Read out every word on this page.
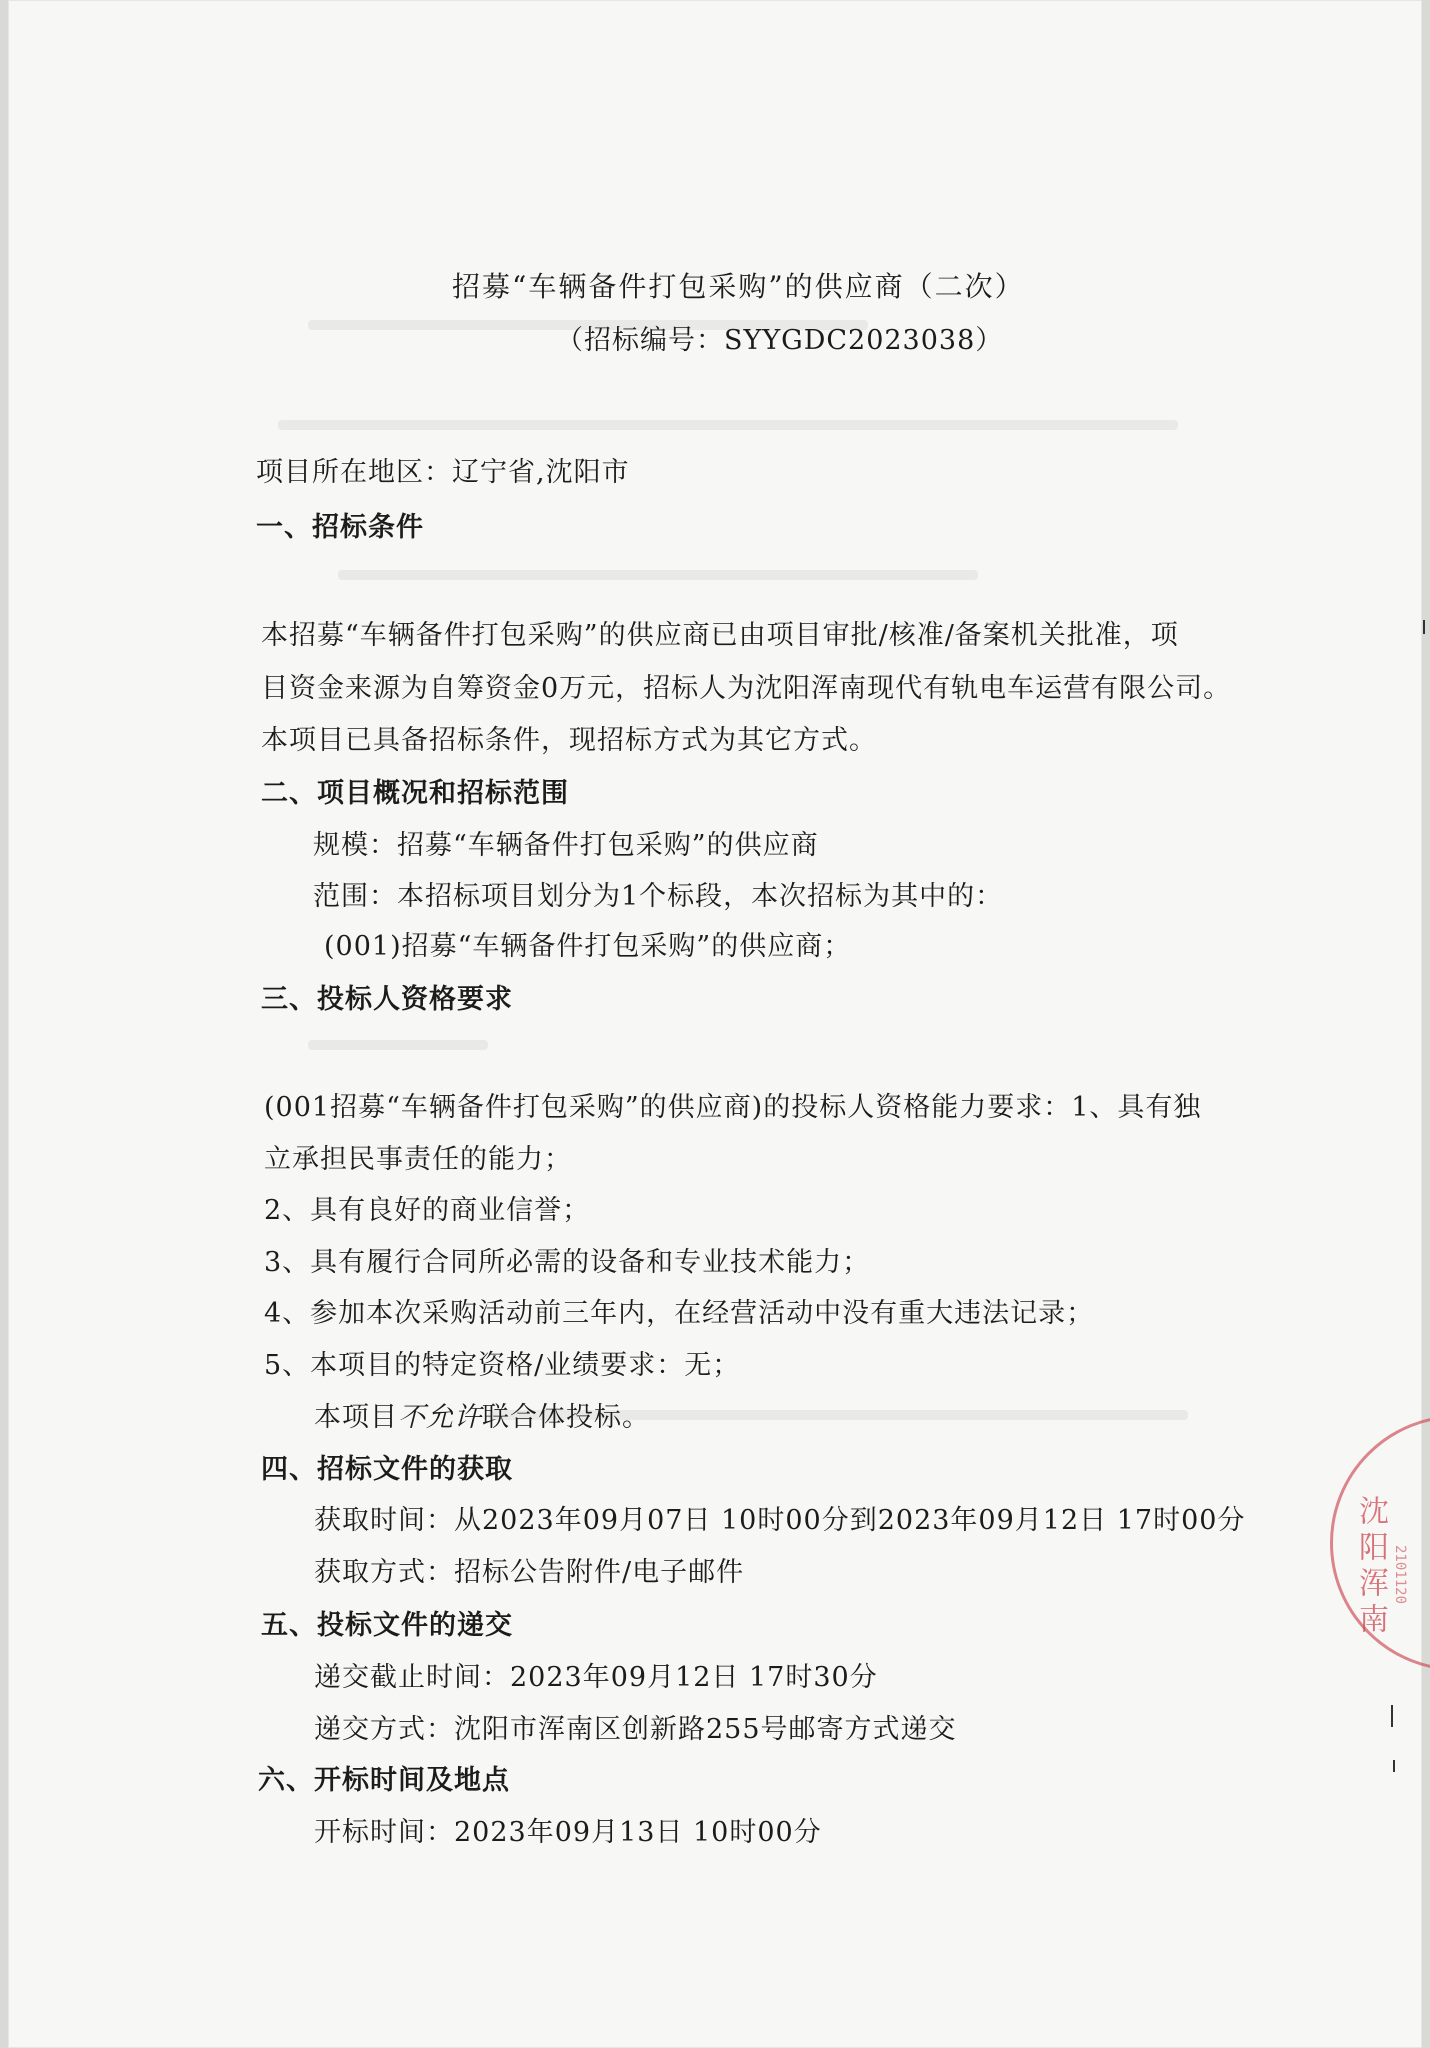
招募“车辆备件打包采购”的供应商（二次）
（招标编号：SYYGDC2023038）
项目所在地区：辽宁省,沈阳市
一、招标条件
本招募“车辆备件打包采购”的供应商已由项目审批/核准/备案机关批准，项
目资金来源为自筹资金0万元，招标人为沈阳浑南现代有轨电车运营有限公司。
本项目已具备招标条件，现招标方式为其它方式。
二、项目概况和招标范围
规模：招募“车辆备件打包采购”的供应商
范围：本招标项目划分为1个标段，本次招标为其中的：
(001)招募“车辆备件打包采购”的供应商；
三、投标人资格要求
(001招募“车辆备件打包采购”的供应商)的投标人资格能力要求：1、具有独
立承担民事责任的能力；
2、具有良好的商业信誉；
3、具有履行合同所必需的设备和专业技术能力；
4、参加本次采购活动前三年内，在经营活动中没有重大违法记录；
5、本项目的特定资格/业绩要求：无；
本项目不允许联合体投标。
四、招标文件的获取
获取时间：从2023年09月07日 10时00分到2023年09月12日 17时00分
获取方式：招标公告附件/电子邮件
五、投标文件的递交
递交截止时间：2023年09月12日 17时30分
递交方式：沈阳市浑南区创新路255号邮寄方式递交
六、开标时间及地点
开标时间：2023年09月13日 10时00分
沈阳浑南 2101120
